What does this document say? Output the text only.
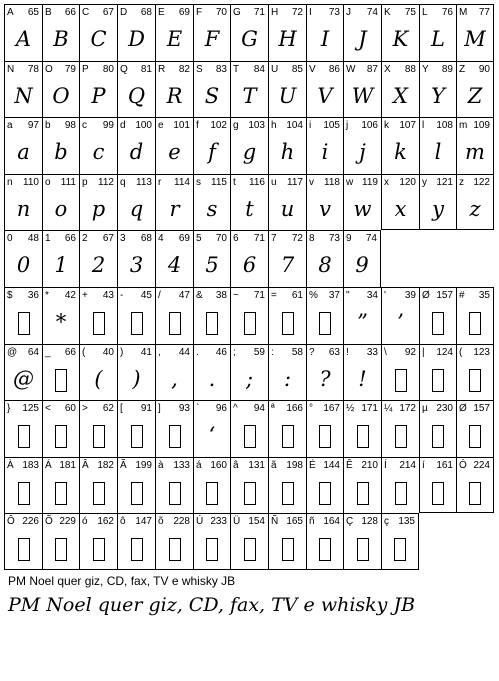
A 65
A
B 66
B
C 67
C
D 68
D
E 69
E
F 70
F
G 71
G
H 72
H
I 73
I
J 74
J
K 75
K
L 76
L
M 77
M
N 78
N
O 79
O
P 80
P
Q 81
Q
R 82
R
S 83
S
T 84
T
U 85
U
V 86
V
W 87
W
X 88
X
Y 89
Y
Z 90
Z
a 97
a
b 98
b
c 99
c
d 100
d
e 101
e
f 102
f
g 103
g
h 104
h
i 105
i
j 106
j
k 107
k
l 108
l
m 109
m
n 110
n
o 111
o
p 112
p
q 113
q
r 114
r
s 115
s
t 116
t
u 117
u
v 118
v
w 119
w
x 120
x
y 121
y
z 122
z
0 48
0
1 66
1
2 67
2
3 68
3
4 69
4
5 70
5
6 71
6
7 72
7
8 73
8
9 74
9
$ 36 * 42
*
+ 43 - 45 / 47 & 38 ~ 71 = 61 % 37 " 34
”
' 39
’
Ø 157 # 35
@ 64
@
_ 66 ( 40
(
) 41
)
, 44
,
. 46
.
; 59
;
: 58
:
? 63
?
! 33
!
\ 92 | 124 ( 123
} 125 < 60 > 62 [ 91 ] 93 ` 96
‘
^ 94 ª 166 ° 167 ½ 171 ¼ 172 µ 230 Ø 157
À 183 Á 181 Â 182 Ã 199 à 133 á 160 â 131 ã 198 É 144 Ê 210 Í 214 í 161 Ó 224
Ô 226 Õ 229 ó 162 ô 147 õ 228 Ú 233 Ü 154 Ñ 165 ñ 164 Ç 128 ç 135
PM Noel quer giz, CD, fax, TV e whisky JB
PM Noel quer giz, CD, fax, TV e whisky JB
